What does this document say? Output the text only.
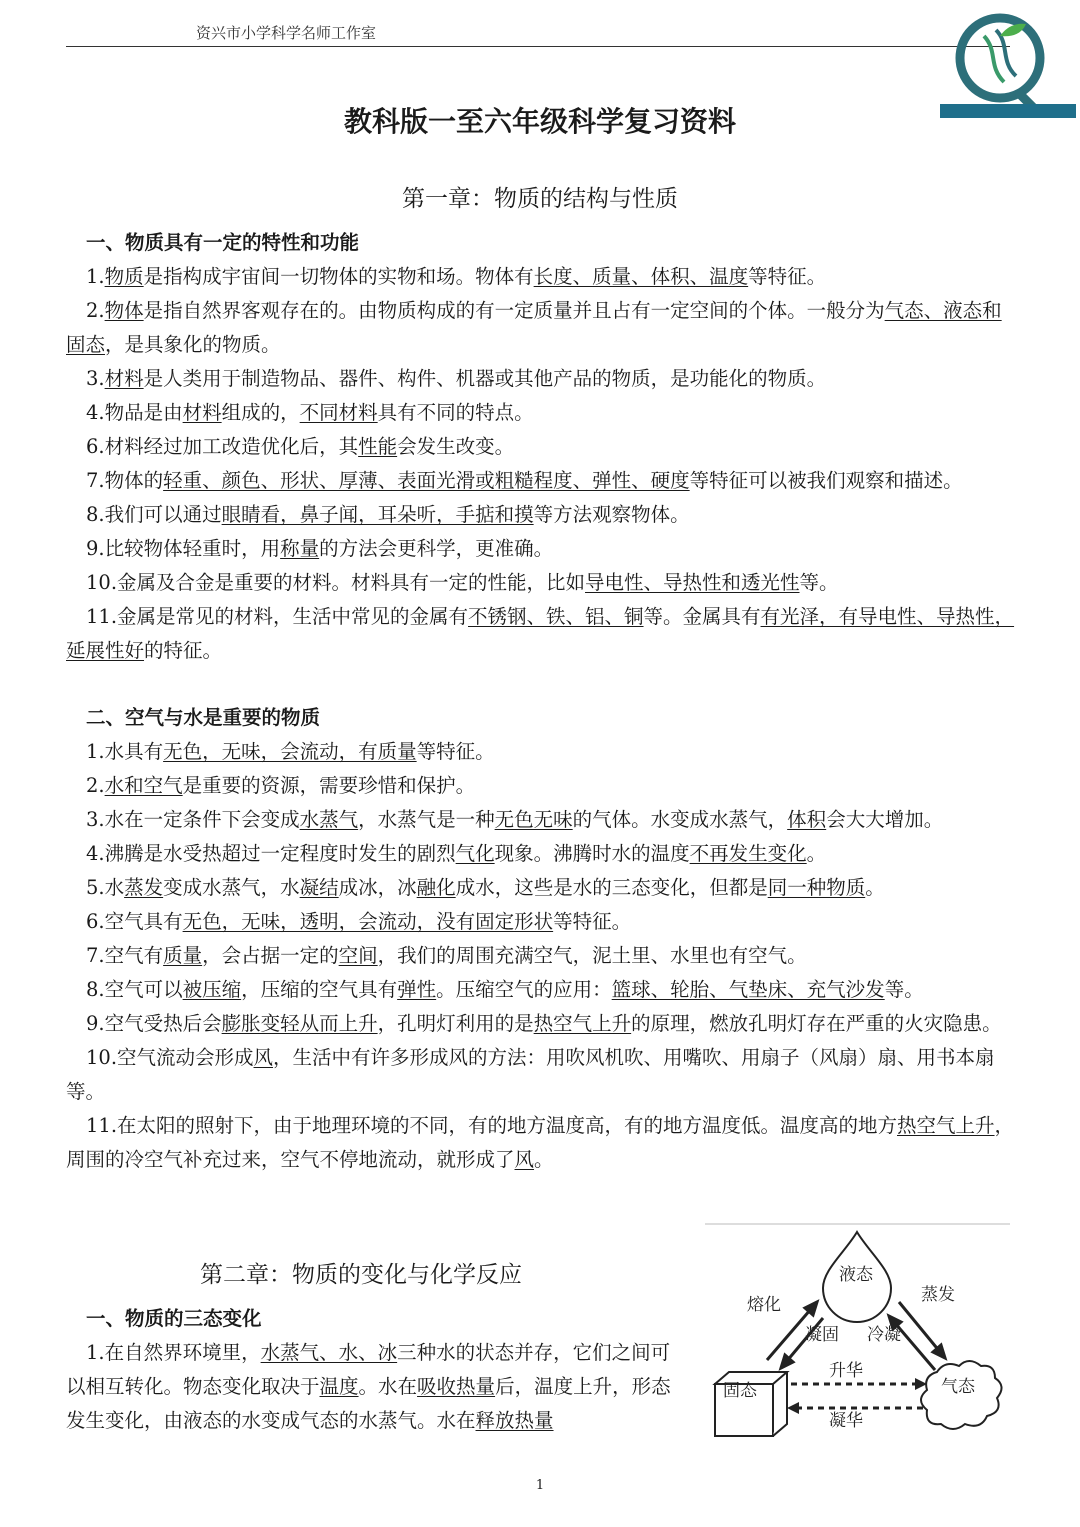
资兴市小学科学名师工作室
教科版一至六年级科学复习资料
第一章：物质的结构与性质
一、物质具有一定的特性和功能

1.物质是指构成宇宙间一切物体的实物和场。物体有长度、质量、体积、温度等特征。

2.物体是指自然界客观存在的。由物质构成的有一定质量并且占有一定空间的个体。一般分为气态、液态和固态，是具象化的物质。

3.材料是人类用于制造物品、器件、构件、机器或其他产品的物质，是功能化的物质。

4.物品是由材料组成的，不同材料具有不同的特点。

6.材料经过加工改造优化后，其性能会发生改变。

7.物体的轻重、颜色、形状、厚薄、表面光滑或粗糙程度、弹性、硬度等特征可以被我们观察和描述。

8.我们可以通过眼睛看，鼻子闻，耳朵听，手掂和摸等方法观察物体。

9.比较物体轻重时，用称量的方法会更科学，更准确。

10.金属及合金是重要的材料。材料具有一定的性能，比如导电性、导热性和透光性等。

11.金属是常见的材料，生活中常见的金属有不锈钢、铁、铝、铜等。金属具有有光泽，有导电性、导热性，延展性好的特征。

二、空气与水是重要的物质

1.水具有无色，无味，会流动，有质量等特征。

2.水和空气是重要的资源，需要珍惜和保护。

3.水在一定条件下会变成水蒸气，水蒸气是一种无色无味的气体。水变成水蒸气，体积会大大增加。

4.沸腾是水受热超过一定程度时发生的剧烈气化现象。沸腾时水的温度不再发生变化。

5.水蒸发变成水蒸气，水凝结成冰，冰融化成水，这些是水的三态变化，但都是同一种物质。

6.空气具有无色，无味，透明，会流动，没有固定形状等特征。

7.空气有质量，会占据一定的空间，我们的周围充满空气，泥土里、水里也有空气。

8.空气可以被压缩，压缩的空气具有弹性。压缩空气的应用：篮球、轮胎、气垫床、充气沙发等。

9.空气受热后会膨胀变轻从而上升，孔明灯利用的是热空气上升的原理，燃放孔明灯存在严重的火灾隐患。

10.空气流动会形成风，生活中有许多形成风的方法：用吹风机吹、用嘴吹、用扇子（风扇）扇、用书本扇等。

11.在太阳的照射下，由于地理环境的不同，有的地方温度高，有的地方温度低。温度高的地方热空气上升，周围的冷空气补充过来，空气不停地流动，就形成了风。

第二章：物质的变化与化学反应
一、物质的三态变化

1.在自然界环境里，水蒸气、水、冰三种水的状态并存，它们之间可以相互转化。物态变化取决于温度。水在吸收热量后，温度上升，形态发生变化，由液态的水变成气态的水蒸气。水在释放热量

液态
固态	气态
熔化	蒸发
凝固 冷凝
升华
凝华
1
